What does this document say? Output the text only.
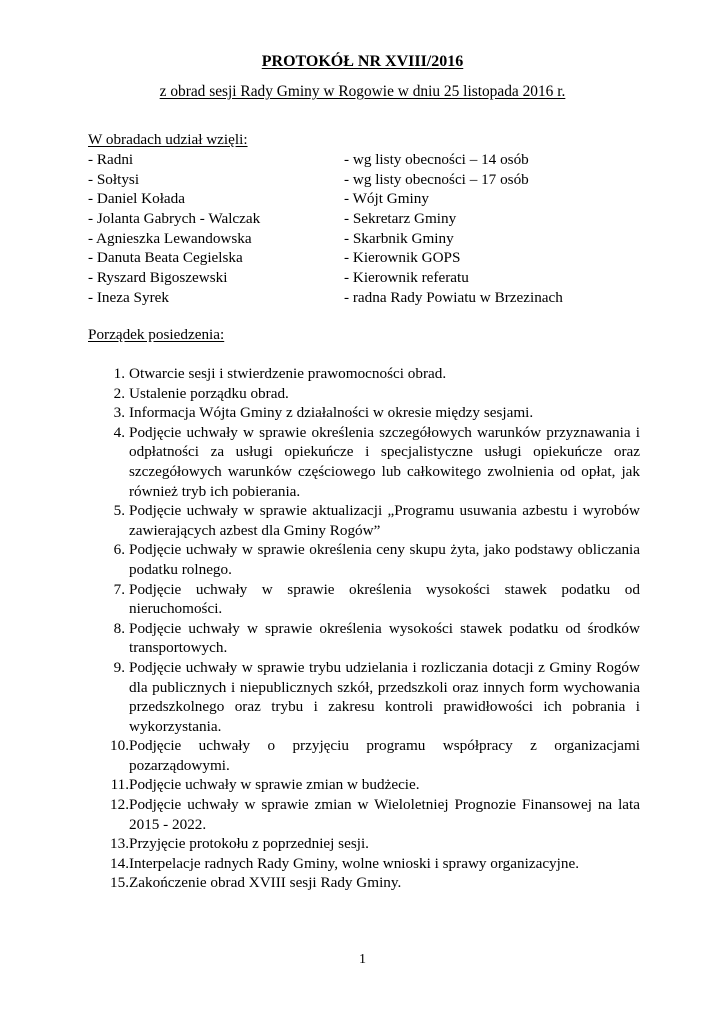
PROTOKÓŁ NR XVIII/2016
z obrad sesji Rady Gminy w Rogowie w dniu 25 listopada 2016 r.
W obradach udział wzięli:
- Radni	- wg listy obecności – 14 osób
- Sołtysi	- wg listy obecności – 17 osób
- Daniel Kołada	- Wójt Gminy
- Jolanta Gabrych - Walczak	- Sekretarz Gminy
- Agnieszka Lewandowska	- Skarbnik Gminy
- Danuta Beata Cegielska	- Kierownik GOPS
- Ryszard Bigoszewski	- Kierownik referatu
- Ineza Syrek	- radna Rady Powiatu w Brzezinach
Porządek posiedzenia:
1. Otwarcie sesji i stwierdzenie prawomocności obrad.
2. Ustalenie porządku obrad.
3. Informacja Wójta Gminy z działalności w okresie między sesjami.
4. Podjęcie uchwały w sprawie określenia szczegółowych warunków przyznawania i odpłatności za usługi opiekuńcze i specjalistyczne usługi opiekuńcze oraz szczegółowych warunków częściowego lub całkowitego zwolnienia od opłat, jak również tryb ich pobierania.
5. Podjęcie uchwały w sprawie aktualizacji „Programu usuwania azbestu i wyrobów zawierających azbest dla Gminy Rogów”
6. Podjęcie uchwały w sprawie określenia ceny skupu żyta, jako podstawy obliczania podatku rolnego.
7. Podjęcie uchwały w sprawie określenia wysokości stawek podatku od nieruchomości.
8. Podjęcie uchwały w sprawie określenia wysokości stawek podatku od środków transportowych.
9. Podjęcie uchwały w sprawie trybu udzielania i rozliczania dotacji z Gminy Rogów dla publicznych i niepublicznych szkół, przedszkoli oraz innych form wychowania przedszkolnego oraz trybu i zakresu kontroli prawidłowości ich pobrania i wykorzystania.
10. Podjęcie uchwały o przyjęciu programu współpracy z organizacjami pozarządowymi.
11. Podjęcie uchwały w sprawie zmian w budżecie.
12. Podjęcie uchwały w sprawie zmian w Wieloletniej Prognozie Finansowej na lata 2015 - 2022.
13. Przyjęcie protokołu z poprzedniej sesji.
14. Interpelacje radnych Rady Gminy, wolne wnioski i sprawy organizacyjne.
15. Zakończenie obrad XVIII sesji Rady Gminy.
1
